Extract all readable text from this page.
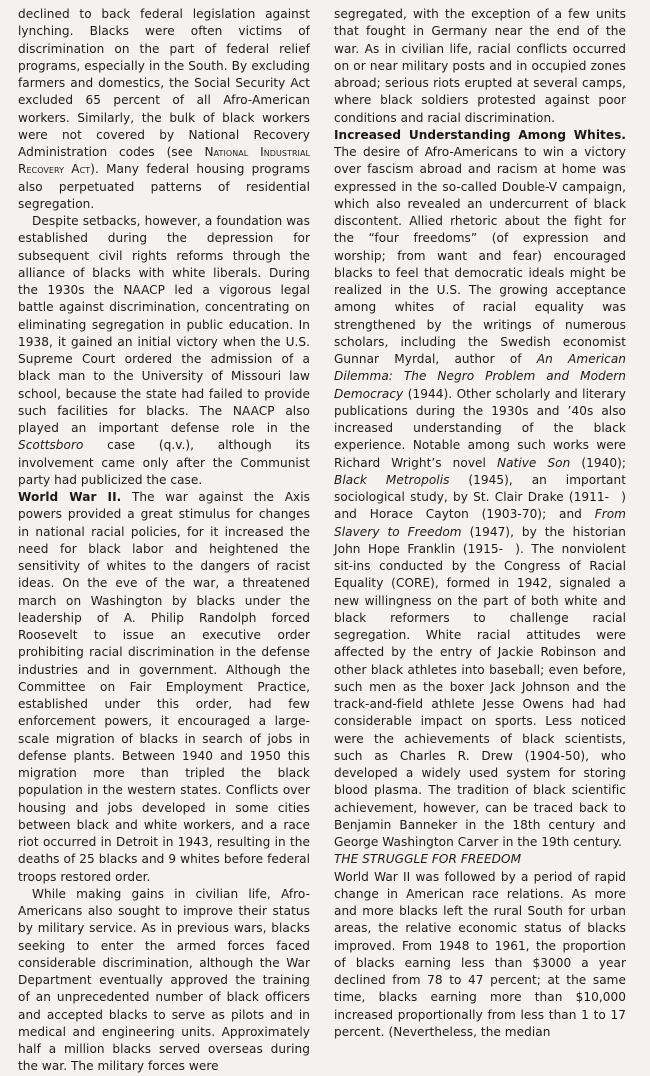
declined to back federal legislation against lynching. Blacks were often victims of discrimination on the part of federal relief programs, especially in the South. By excluding farmers and domestics, the Social Security Act excluded 65 percent of all Afro-American workers. Similarly, the bulk of black workers were not covered by National Recovery Administration codes (see National Industrial Recovery Act). Many federal housing programs also perpetuated patterns of residential segregation.

Despite setbacks, however, a foundation was established during the depression for subsequent civil rights reforms through the alliance of blacks with white liberals. During the 1930s the NAACP led a vigorous legal battle against discrimination, concentrating on eliminating segregation in public education. In 1938, it gained an initial victory when the U.S. Supreme Court ordered the admission of a black man to the University of Missouri law school, because the state had failed to provide such facilities for blacks. The NAACP also played an important defense role in the Scottsboro case (q.v.), although its involvement came only after the Communist party had publicized the case.

World War II. The war against the Axis powers provided a great stimulus for changes in national racial policies, for it increased the need for black labor and heightened the sensitivity of whites to the dangers of racist ideas. On the eve of the war, a threatened march on Washington by blacks under the leadership of A. Philip Randolph forced Roosevelt to issue an executive order prohibiting racial discrimination in the defense industries and in government. Although the Committee on Fair Employment Practice, established under this order, had few enforcement powers, it encouraged a large-scale migration of blacks in search of jobs in defense plants. Between 1940 and 1950 this migration more than tripled the black population in the western states. Conflicts over housing and jobs developed in some cities between black and white workers, and a race riot occurred in Detroit in 1943, resulting in the deaths of 25 blacks and 9 whites before federal troops restored order.

While making gains in civilian life, Afro-Americans also sought to improve their status by military service. As in previous wars, blacks seeking to enter the armed forces faced considerable discrimination, although the War Department eventually approved the training of an unprecedented number of black officers and accepted blacks to serve as pilots and in medical and engineering units. Approximately half a million blacks served overseas during the war. The military forces were

segregated, with the exception of a few units that fought in Germany near the end of the war. As in civilian life, racial conflicts occurred on or near military posts and in occupied zones abroad; serious riots erupted at several camps, where black soldiers protested against poor conditions and racial discrimination.

Increased Understanding Among Whites. The desire of Afro-Americans to win a victory over fascism abroad and racism at home was expressed in the so-called Double-V campaign, which also revealed an undercurrent of black discontent. Allied rhetoric about the fight for the “four freedoms” (of expression and worship; from want and fear) encouraged blacks to feel that democratic ideals might be realized in the U.S. The growing acceptance among whites of racial equality was strengthened by the writings of numerous scholars, including the Swedish economist Gunnar Myrdal, author of An American Dilemma: The Negro Problem and Modern Democracy (1944). Other scholarly and literary publications during the 1930s and ’40s also increased understanding of the black experience. Notable among such works were Richard Wright’s novel Native Son (1940); Black Metropolis (1945), an important sociological study, by St. Clair Drake (1911- ) and Horace Cayton (1903-70); and From Slavery to Freedom (1947), by the historian John Hope Franklin (1915- ). The nonviolent sit-ins conducted by the Congress of Racial Equality (CORE), formed in 1942, signaled a new willingness on the part of both white and black reformers to challenge racial segregation. White racial attitudes were affected by the entry of Jackie Robinson and other black athletes into baseball; even before, such men as the boxer Jack Johnson and the track-and-field athlete Jesse Owens had had considerable impact on sports. Less noticed were the achievements of black scientists, such as Charles R. Drew (1904-50), who developed a widely used system for storing blood plasma. The tradition of black scientific achievement, however, can be traced back to Benjamin Banneker in the 18th century and George Washington Carver in the 19th century.

THE STRUGGLE FOR FREEDOM

World War II was followed by a period of rapid change in American race relations. As more and more blacks left the rural South for urban areas, the relative economic status of blacks improved. From 1948 to 1961, the proportion of blacks earning less than $3000 a year declined from 78 to 47 percent; at the same time, blacks earning more than $10,000 increased proportionally from less than 1 to 17 percent. (Nevertheless, the median
